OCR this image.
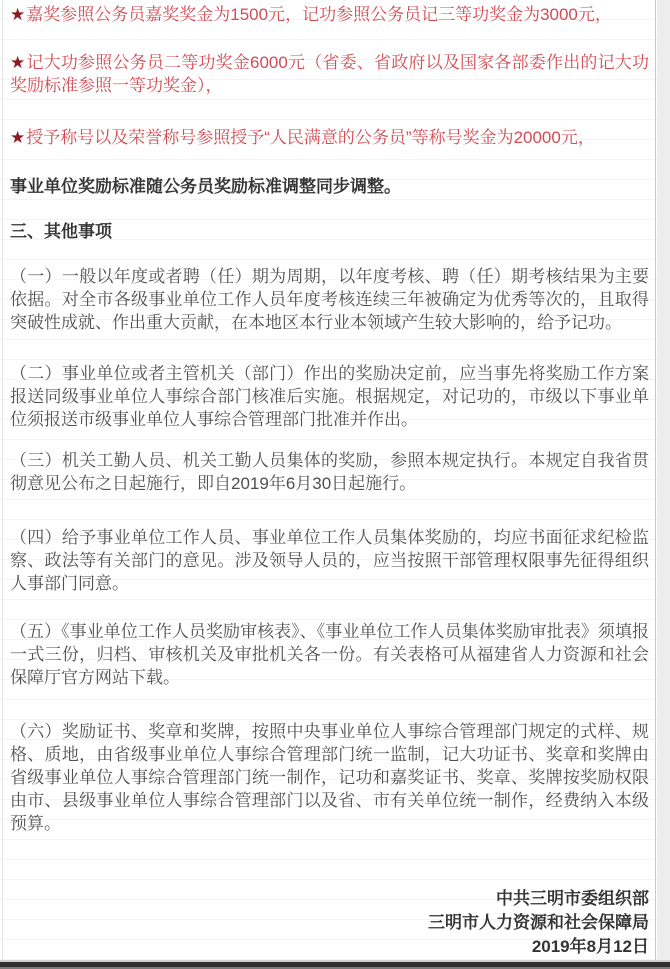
★嘉奖参照公务员嘉奖奖金为1500元，记功参照公务员记三等功奖金为3000元，

★记大功参照公务员二等功奖金6000元（省委、省政府以及国家各部委作出的记大功奖励标准参照一等功奖金），

★授予称号以及荣誉称号参照授予“人民满意的公务员”等称号奖金为20000元，

事业单位奖励标准随公务员奖励标准调整同步调整。

三、其他事项

（一）一般以年度或者聘（任）期为周期，以年度考核、聘（任）期考核结果为主要依据。对全市各级事业单位工作人员年度考核连续三年被确定为优秀等次的，且取得突破性成就、作出重大贡献，在本地区本行业本领域产生较大影响的，给予记功。

（二）事业单位或者主管机关（部门）作出的奖励决定前，应当事先将奖励工作方案报送同级事业单位人事综合部门核准后实施。根据规定，对记功的，市级以下事业单位须报送市级事业单位人事综合管理部门批准并作出。

（三）机关工勤人员、机关工勤人员集体的奖励，参照本规定执行。本规定自我省贯彻意见公布之日起施行，即自2019年6月30日起施行。

（四）给予事业单位工作人员、事业单位工作人员集体奖励的，均应书面征求纪检监察、政法等有关部门的意见。涉及领导人员的，应当按照干部管理权限事先征得组织人事部门同意。

（五）《事业单位工作人员奖励审核表》、《事业单位工作人员集体奖励审批表》须填报一式三份，归档、审核机关及审批机关各一份。有关表格可从福建省人力资源和社会保障厅官方网站下载。

（六）奖励证书、奖章和奖牌，按照中央事业单位人事综合管理部门规定的式样、规格、质地，由省级事业单位人事综合管理部门统一监制，记大功证书、奖章和奖牌由省级事业单位人事综合管理部门统一制作，记功和嘉奖证书、奖章、奖牌按奖励权限由市、县级事业单位人事综合管理部门以及省、市有关单位统一制作，经费纳入本级预算。

中共三明市委组织部

三明市人力资源和社会保障局

2019年8月12日
